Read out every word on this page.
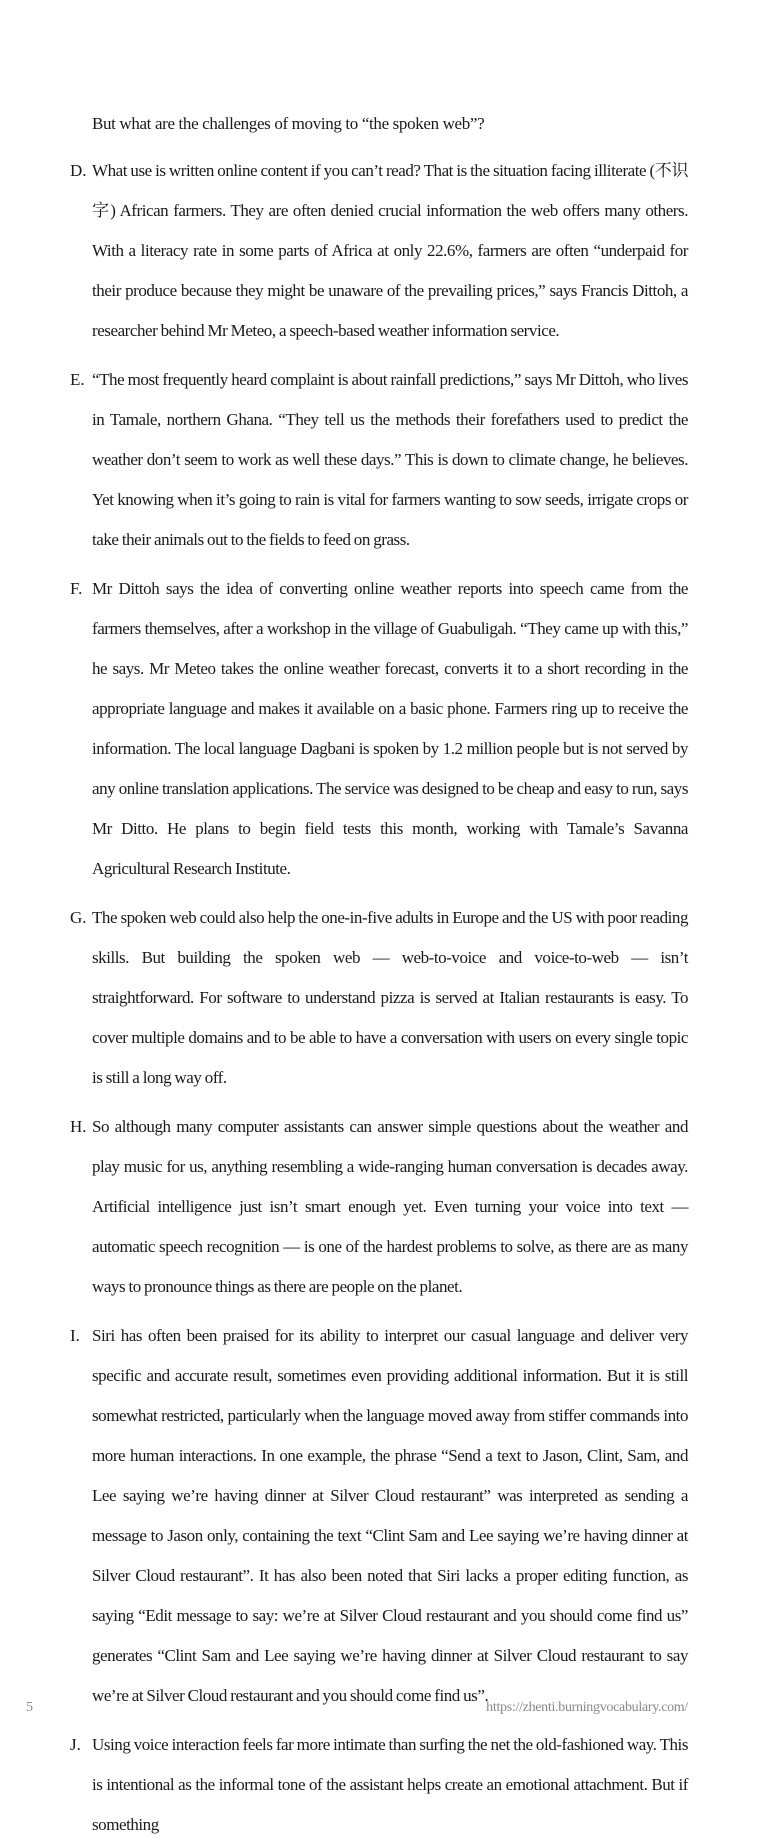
But what are the challenges of moving to “the spoken web”?

D. What use is written online content if you can’t read? That is the situation facing illiterate (不识字) African farmers. They are often denied crucial information the web offers many others. With a literacy rate in some parts of Africa at only 22.6%, farmers are often “underpaid for their produce because they might be unaware of the prevailing prices,” says Francis Dittoh, a researcher behind Mr Meteo, a speech-based weather information service.
E. “The most frequently heard complaint is about rainfall predictions,” says Mr Dittoh, who lives in Tamale, northern Ghana. “They tell us the methods their forefathers used to predict the weather don’t seem to work as well these days.” This is down to climate change, he believes. Yet knowing when it’s going to rain is vital for farmers wanting to sow seeds, irrigate crops or take their animals out to the fields to feed on grass.
F. Mr Dittoh says the idea of converting online weather reports into speech came from the farmers themselves, after a workshop in the village of Guabuligah. “They came up with this,” he says. Mr Meteo takes the online weather forecast, converts it to a short recording in the appropriate language and makes it available on a basic phone. Farmers ring up to receive the information. The local language Dagbani is spoken by 1.2 million people but is not served by any online translation applications. The service was designed to be cheap and easy to run, says Mr Ditto. He plans to begin field tests this month, working with Tamale’s Savanna Agricultural Research Institute.
G. The spoken web could also help the one-in-five adults in Europe and the US with poor reading skills. But building the spoken web — web-to-voice and voice-to-web — isn’t straightforward. For software to understand pizza is served at Italian restaurants is easy. To cover multiple domains and to be able to have a conversation with users on every single topic is still a long way off.
H. So although many computer assistants can answer simple questions about the weather and play music for us, anything resembling a wide-ranging human conversation is decades away. Artificial intelligence just isn’t smart enough yet. Even turning your voice into text — automatic speech recognition — is one of the hardest problems to solve, as there are as many ways to pronounce things as there are people on the planet.
I. Siri has often been praised for its ability to interpret our casual language and deliver very specific and accurate result, sometimes even providing additional information. But it is still somewhat restricted, particularly when the language moved away from stiffer commands into more human interactions. In one example, the phrase “Send a text to Jason, Clint, Sam, and Lee saying we’re having dinner at Silver Cloud restaurant” was interpreted as sending a message to Jason only, containing the text “Clint Sam and Lee saying we’re having dinner at Silver Cloud restaurant”. It has also been noted that Siri lacks a proper editing function, as saying “Edit message to say: we’re at Silver Cloud restaurant and you should come find us” generates “Clint Sam and Lee saying we’re having dinner at Silver Cloud restaurant to say we’re at Silver Cloud restaurant and you should come find us”.
J. Using voice interaction feels far more intimate than surfing the net the old-fashioned way. This is intentional as the informal tone of the assistant helps create an emotional attachment. But if something
5	https://zhenti.burningvocabulary.com/
